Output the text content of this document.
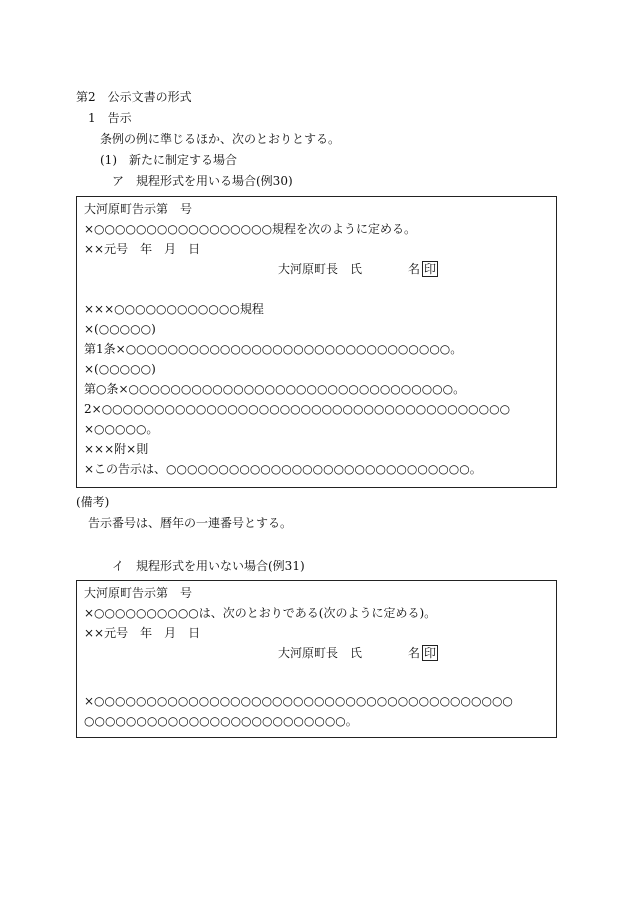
第2　公示文書の形式
1　告示
条例の例に準じるほか、次のとおりとする。
(1)　新たに制定する場合
ア　規程形式を用いる場合(例30)
大河原町告示第　号
×○○○○○○○○○○○○○○○○○規程を次のように定める。
××元号　年　月　日
大河原町長　氏	名 印
×××○○○○○○○○○○○○規程
×(○○○○○)
第1条×○○○○○○○○○○○○○○○○○○○○○○○○○○○○○○○。
×(○○○○○)
第○条×○○○○○○○○○○○○○○○○○○○○○○○○○○○○○○○。
2×○○○○○○○○○○○○○○○○○○○○○○○○○○○○○○○○○○○○○○○
×○○○○○。
×××附×則
×この告示は、○○○○○○○○○○○○○○○○○○○○○○○○○○○○○。
(備考)
告示番号は、暦年の一連番号とする。
イ　規程形式を用いない場合(例31)
大河原町告示第　号
×○○○○○○○○○○は、次のとおりである(次のように定める)。
××元号　年　月　日
大河原町長　氏	名 印
×○○○○○○○○○○○○○○○○○○○○○○○○○○○○○○○○○○○○○○○○
○○○○○○○○○○○○○○○○○○○○○○○○○。
